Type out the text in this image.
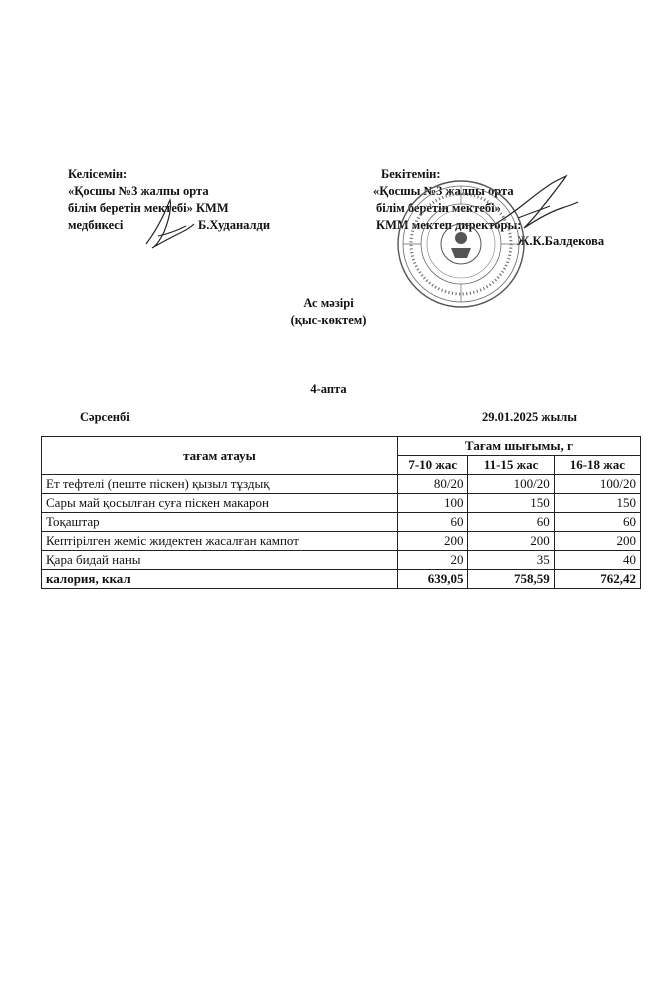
Келісемін:
«Қосшы №3 жалпы орта
білім беретін мектебі» КММ
медбикесі	Б.Худаналди
Бекітемін:
«Қосшы №3 жалпы орта
білім беретін мектебі»
КММ мектеп директоры:
Ж.К.Балдекова
Ас мәзірі
(қыс-көктем)
4-апта
Сәрсенбі	29.01.2025 жылы
тағам атауы	Тағам шығымы, г		
	7-10 жас	11-15 жас	16-18 жас
Ет тефтелі (пеште піскен) қызыл тұздық	80/20	100/20	100/20
Сары май қосылған суға піскен макарон	100	150	150
Тоқаштар	60	60	60
Кептірілген жеміс жидектен жасалған кампот	200	200	200
Қара бидай наны	20	35	40
калория, ккал	639,05	758,59	762,42
